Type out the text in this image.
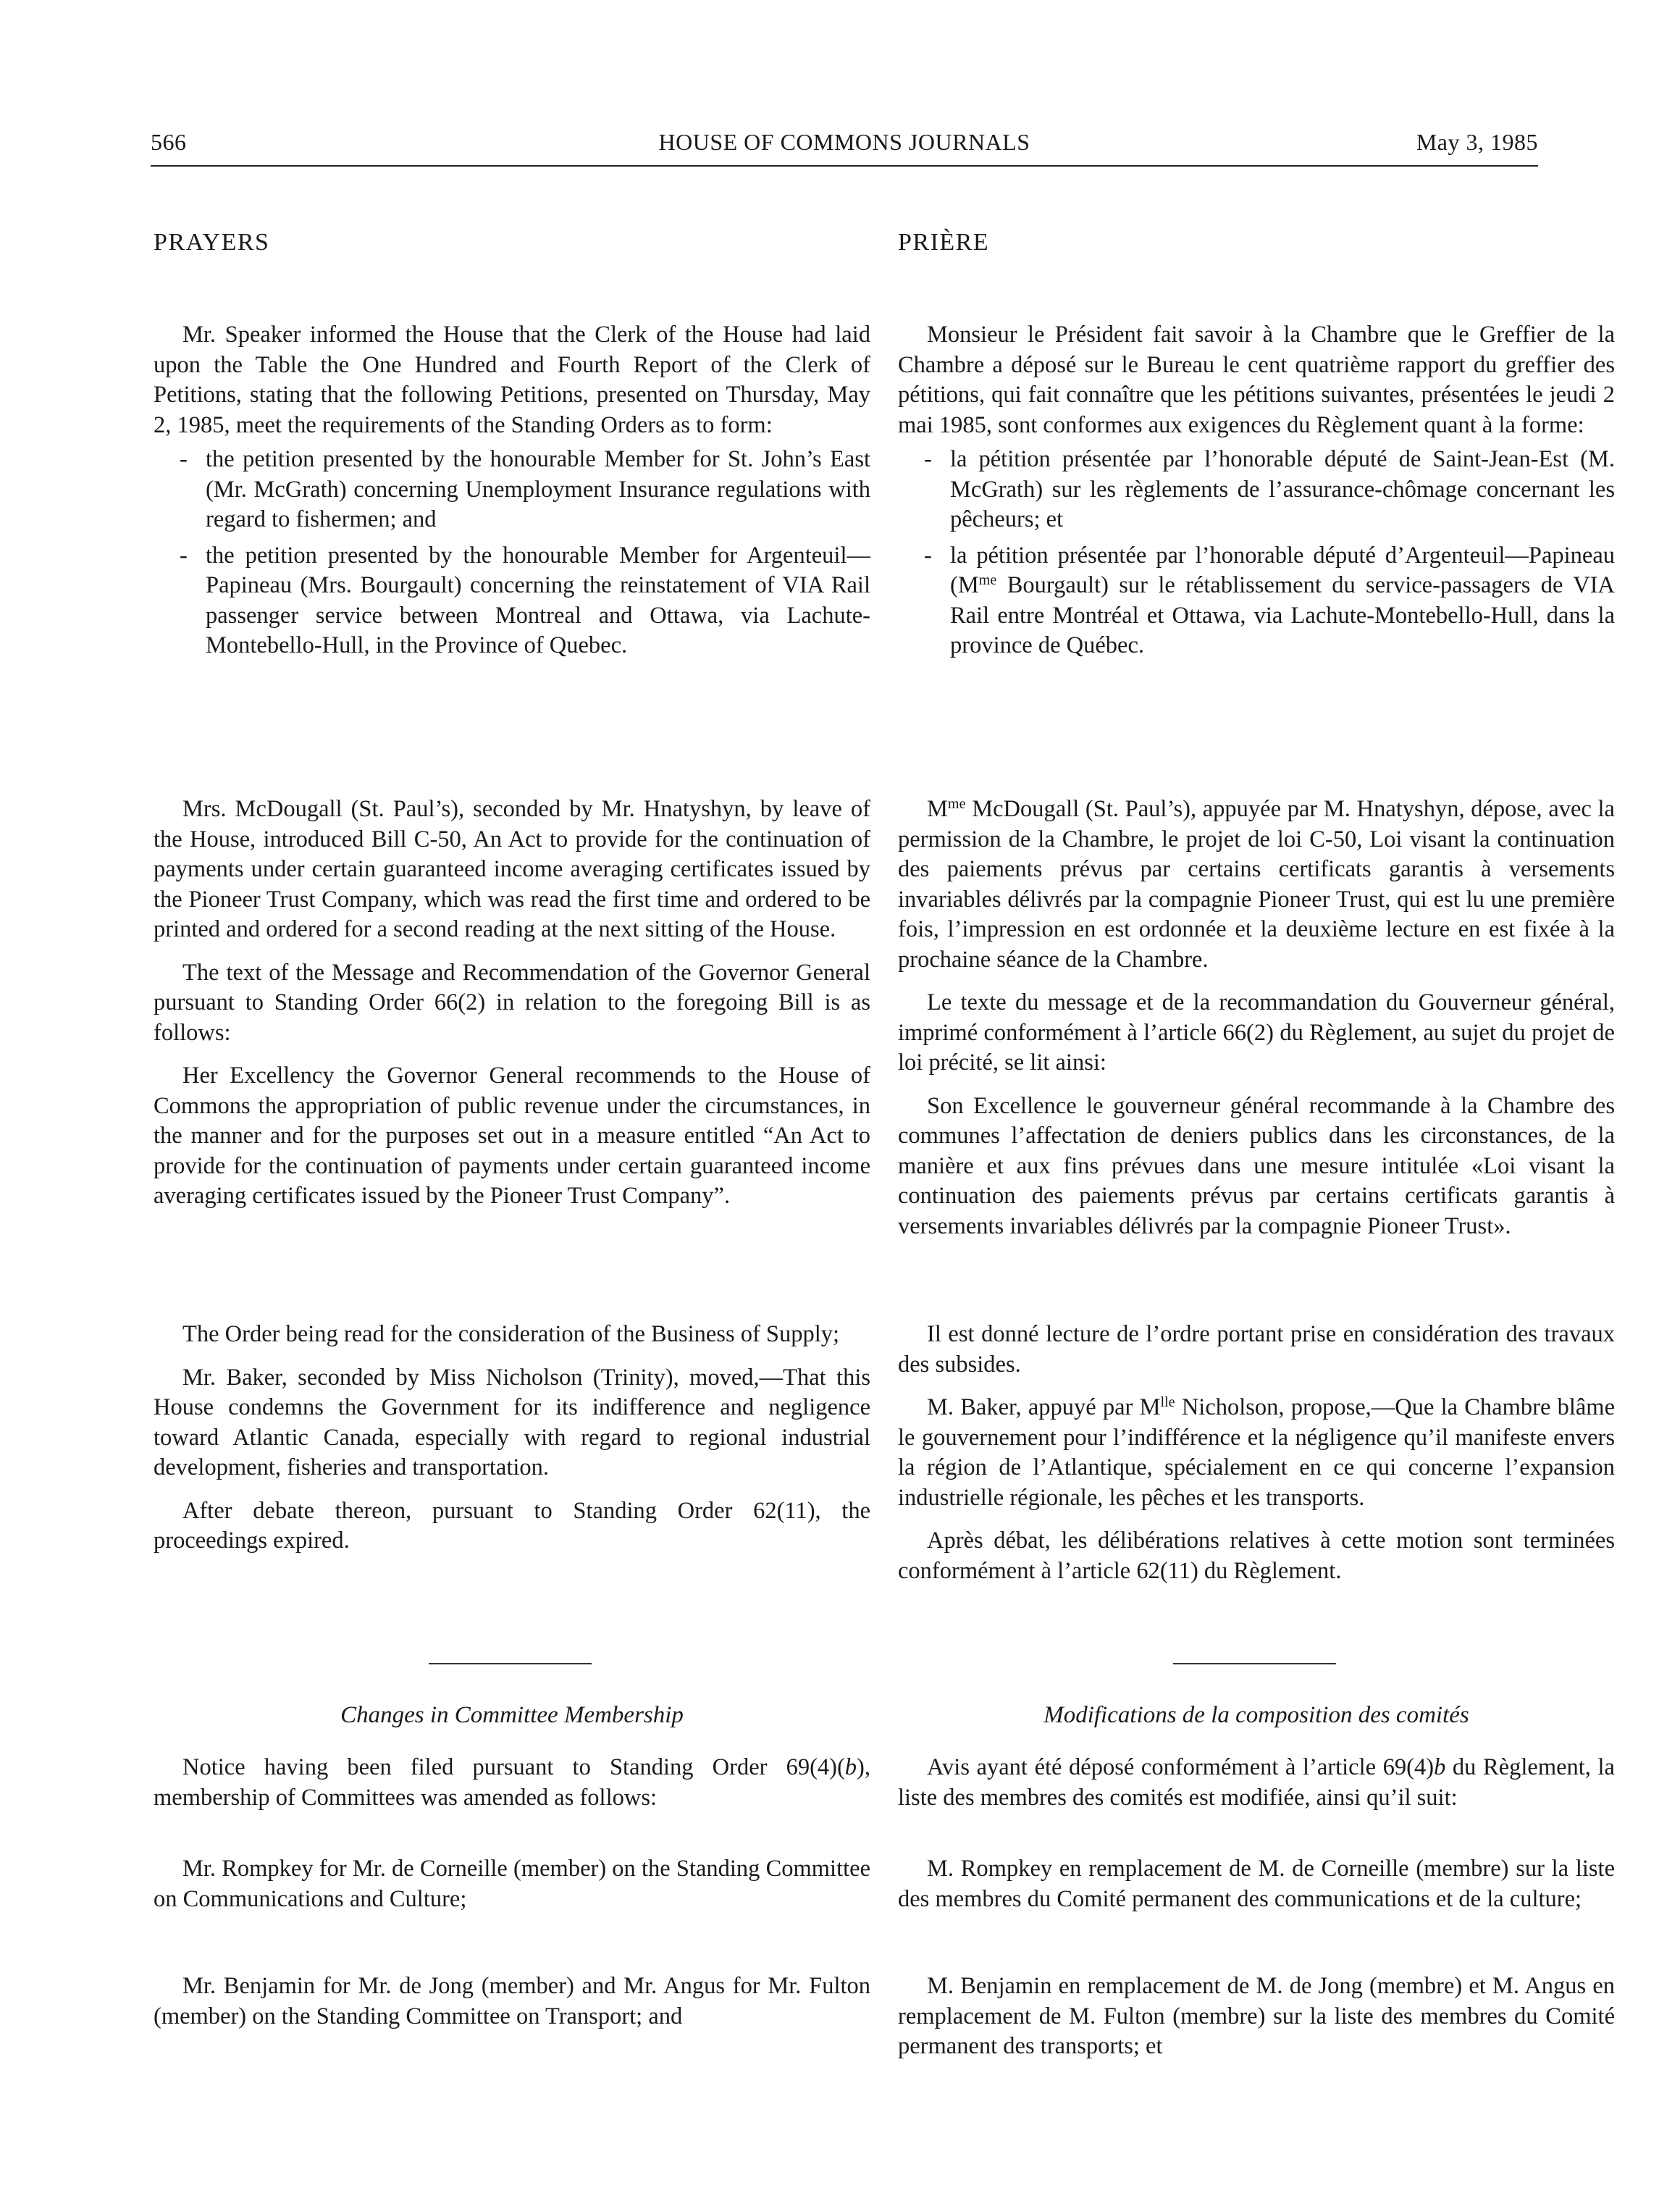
566	HOUSE OF COMMONS JOURNALS	May 3, 1985
PRAYERS

Mr. Speaker informed the House that the Clerk of the House had laid upon the Table the One Hundred and Fourth Report of the Clerk of Petitions, stating that the following Petitions, presented on Thursday, May 2, 1985, meet the requirements of the Standing Orders as to form:

- the petition presented by the honourable Member for St. John’s East (Mr. McGrath) concerning Unemployment Insurance regulations with regard to fishermen; and
- the petition presented by the honourable Member for Argenteuil—Papineau (Mrs. Bourgault) concerning the reinstatement of VIA Rail passenger service between Montreal and Ottawa, via Lachute-Montebello-Hull, in the Province of Quebec.

Mrs. McDougall (St. Paul’s), seconded by Mr. Hnatyshyn, by leave of the House, introduced Bill C-50, An Act to provide for the continuation of payments under certain guaranteed income averaging certificates issued by the Pioneer Trust Company, which was read the first time and ordered to be printed and ordered for a second reading at the next sitting of the House.

The text of the Message and Recommendation of the Governor General pursuant to Standing Order 66(2) in relation to the foregoing Bill is as follows:

Her Excellency the Governor General recommends to the House of Commons the appropriation of public revenue under the circumstances, in the manner and for the purposes set out in a measure entitled “An Act to provide for the continuation of payments under certain guaranteed income averaging certificates issued by the Pioneer Trust Company”.

The Order being read for the consideration of the Business of Supply;

Mr. Baker, seconded by Miss Nicholson (Trinity), moved,—That this House condemns the Government for its indifference and negligence toward Atlantic Canada, especially with regard to regional industrial development, fisheries and transportation.

After debate thereon, pursuant to Standing Order 62(11), the proceedings expired.

Changes in Committee Membership

Notice having been filed pursuant to Standing Order 69(4)(b), membership of Committees was amended as follows:

Mr. Rompkey for Mr. de Corneille (member) on the Standing Committee on Communications and Culture;

Mr. Benjamin for Mr. de Jong (member) and Mr. Angus for Mr. Fulton (member) on the Standing Committee on Transport; and

PRIÈRE

Monsieur le Président fait savoir à la Chambre que le Greffier de la Chambre a déposé sur le Bureau le cent quatrième rapport du greffier des pétitions, qui fait connaître que les pétitions suivantes, présentées le jeudi 2 mai 1985, sont conformes aux exigences du Règlement quant à la forme:

- la pétition présentée par l’honorable député de Saint-Jean-Est (M. McGrath) sur les règlements de l’assurance-chômage concernant les pêcheurs; et
- la pétition présentée par l’honorable député d’Argenteuil—Papineau ($M^{me}$ Bourgault) sur le rétablissement du service-passagers de VIA Rail entre Montréal et Ottawa, via Lachute-Montebello-Hull, dans la province de Québec.

$M^{me}$ McDougall (St. Paul’s), appuyée par M. Hnatyshyn, dépose, avec la permission de la Chambre, le projet de loi C-50, Loi visant la continuation des paiements prévus par certains certificats garantis à versements invariables délivrés par la compagnie Pioneer Trust, qui est lu une première fois, l’impression en est ordonnée et la deuxième lecture en est fixée à la prochaine séance de la Chambre.

Le texte du message et de la recommandation du Gouverneur général, imprimé conformément à l’article 66(2) du Règlement, au sujet du projet de loi précité, se lit ainsi:

Son Excellence le gouverneur général recommande à la Chambre des communes l’affectation de deniers publics dans les circonstances, de la manière et aux fins prévues dans une mesure intitulée «Loi visant la continuation des paiements prévus par certains certificats garantis à versements invariables délivrés par la compagnie Pioneer Trust».

Il est donné lecture de l’ordre portant prise en considération des travaux des subsides.

M. Baker, appuyé par $M^{lle}$ Nicholson, propose,—Que la Chambre blâme le gouvernement pour l’indifférence et la négligence qu’il manifeste envers la région de l’Atlantique, spécialement en ce qui concerne l’expansion industrielle régionale, les pêches et les transports.

Après débat, les délibérations relatives à cette motion sont terminées conformément à l’article 62(11) du Règlement.

Modifications de la composition des comités

Avis ayant été déposé conformément à l’article 69(4)b du Règlement, la liste des membres des comités est modifiée, ainsi qu’il suit:

M. Rompkey en remplacement de M. de Corneille (membre) sur la liste des membres du Comité permanent des communications et de la culture;

M. Benjamin en remplacement de M. de Jong (membre) et M. Angus en remplacement de M. Fulton (membre) sur la liste des membres du Comité permanent des transports; et
